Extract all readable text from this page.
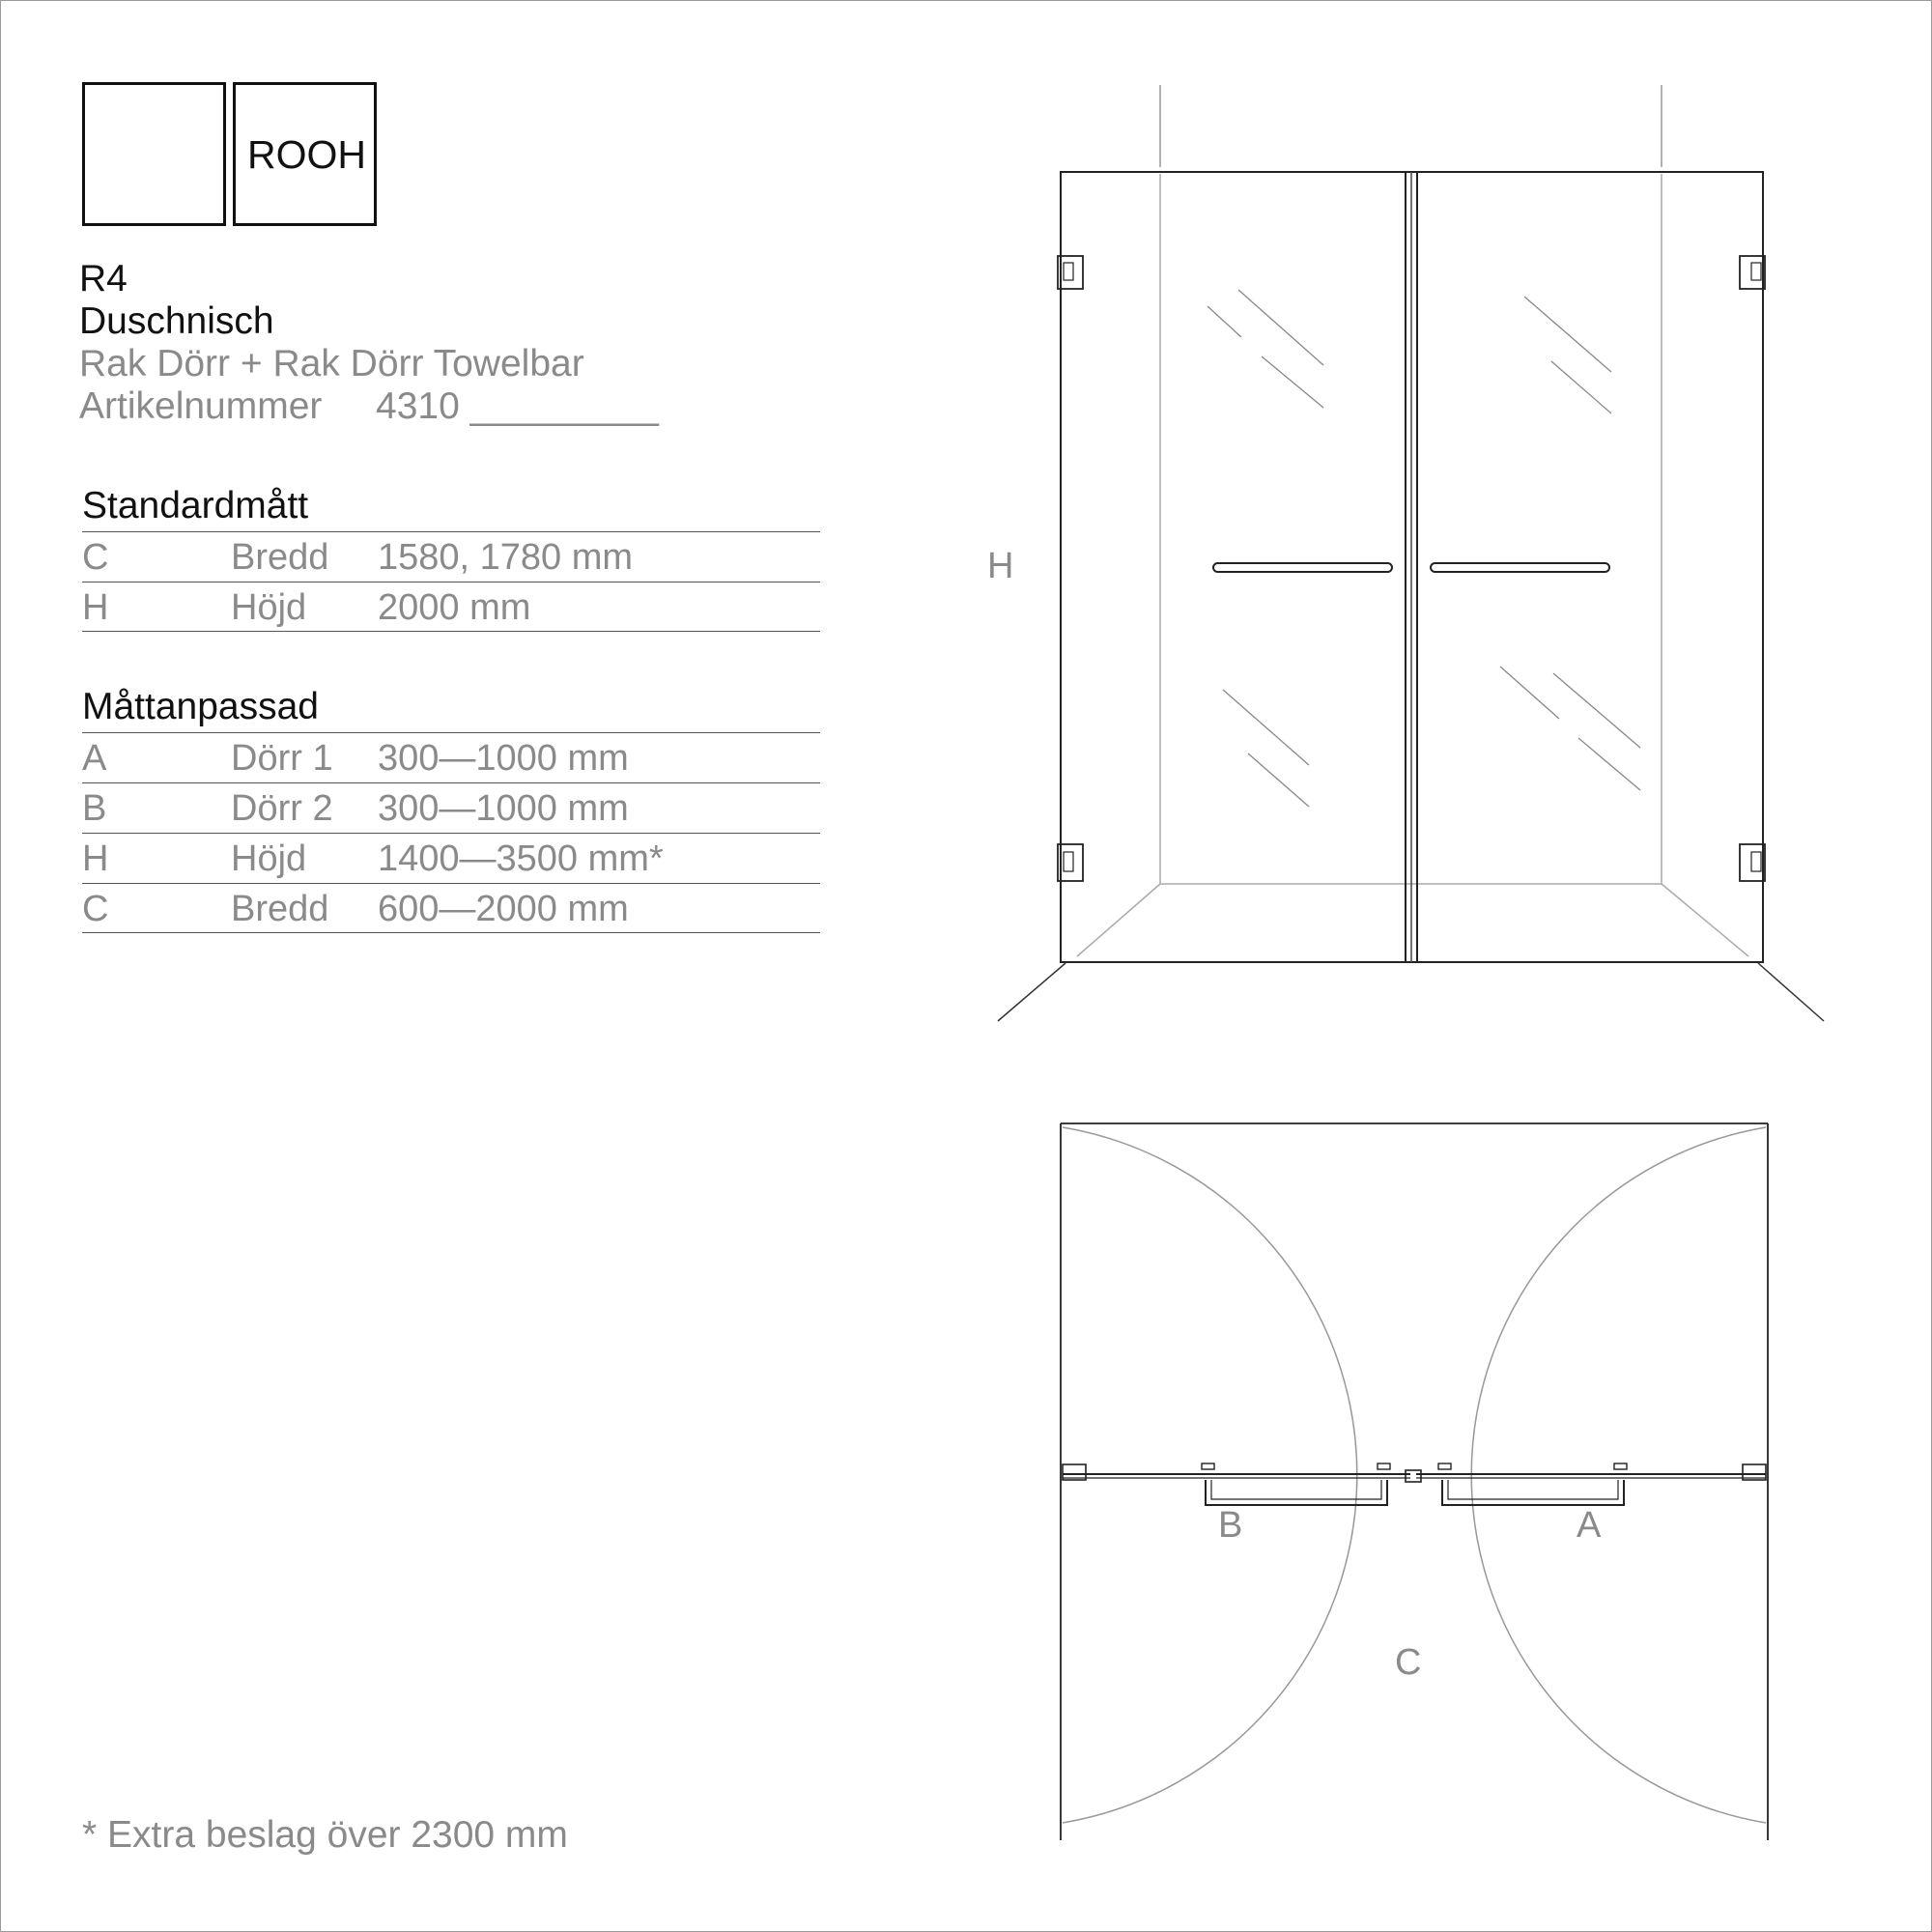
ROOH
R4
Duschnisch
Rak Dörr + Rak Dörr Towelbar
Artikelnummer 4310 _________
Standardmått
C	Bredd 1580, 1780 mm
H	Höjd 2000 mm
Måttanpassad
A	Dörr 1 300—1000 mm
B	Dörr 2 300—1000 mm
H	Höjd 1400—3500 mm*
C	Bredd 600—2000 mm
* Extra beslag över 2300 mm
H
B	A
C
